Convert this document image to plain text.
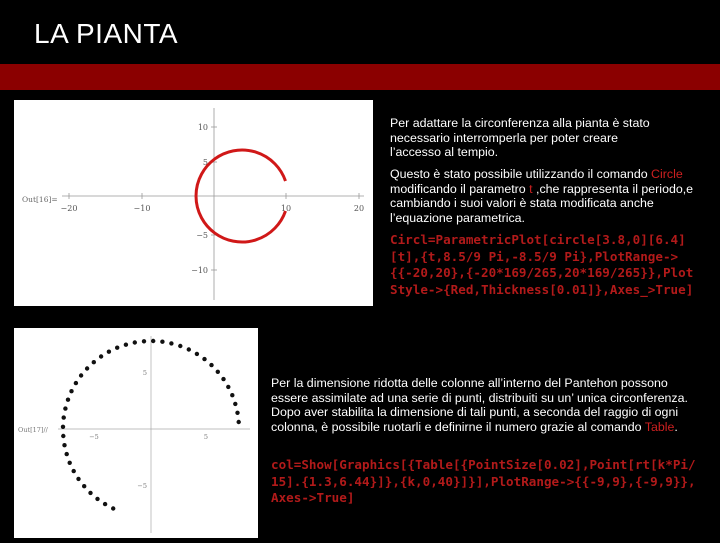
LA PIANTA
Out[16]=
−20	−10	10	20
10
5
−5
−10
Out[17]//
−5	5
5
−5
Per adattare la circonferenza alla pianta è stato necessario interromperla per poter creare l’accesso al tempio.
Questo è stato possibile utilizzando il comando Circle modificando il parametro t ,che rappresenta il periodo,e cambiando i suoi valori è stata modificata anche l’equazione parametrica.
Circl=ParametricPlot[circle[3.8,0][6.4][t],{t,8.5/9 Pi,-8.5/9 Pi},PlotRange->{{-20,20},{-20*169/265,20*169/265}},PlotStyle->{Red,Thickness[0.01]},Axes_>True]
Per la dimensione ridotta delle colonne all’interno del Pantehon possono essere assimilate ad una serie di punti, distribuiti su un’ unica circonferenza. Dopo aver stabilita la dimensione di tali punti, a seconda del raggio di ogni colonna, è possibile ruotarli e definirne il numero grazie al comando Table.
col=Show[Graphics[{Table[{PointSize[0.02],Point[rt[k*Pi/15].{1.3,6.44}]},{k,0,40}]}],PlotRange->{{-9,9},{-9,9}},Axes->True]
